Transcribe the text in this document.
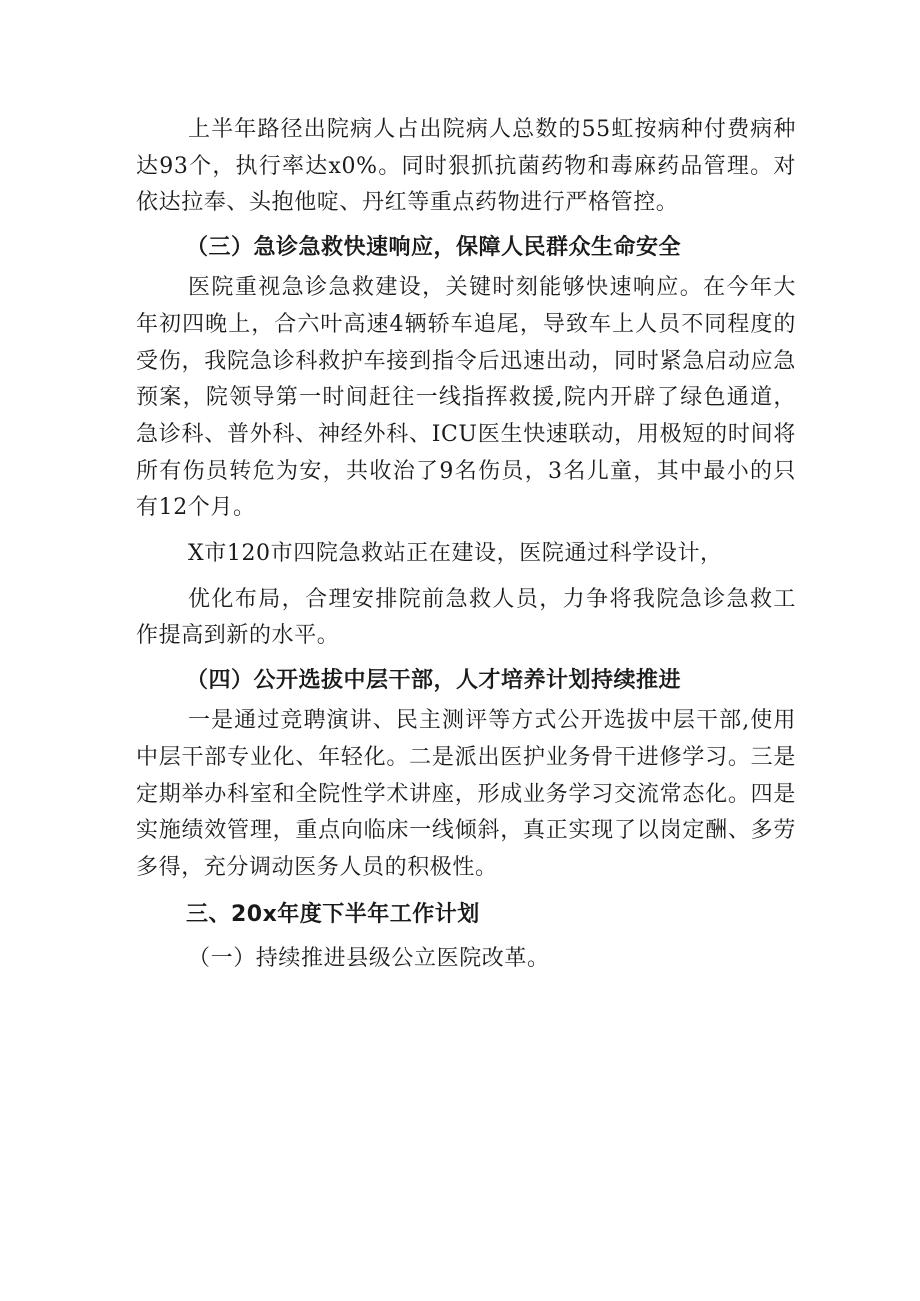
上半年路径出院病人占出院病人总数的55虹按病种付费病种达93个，执行率达x0%。同时狠抓抗菌药物和毒麻药品管理。对依达拉奉、头抱他啶、丹红等重点药物进行严格管控。

（三）急诊急救快速响应，保障人民群众生命安全

医院重视急诊急救建设，关键时刻能够快速响应。在今年大年初四晚上，合六叶高速4辆轿车追尾，导致车上人员不同程度的受伤，我院急诊科救护车接到指令后迅速出动，同时紧急启动应急预案，院领导第一时间赶往一线指挥救援,院内开辟了绿色通道，急诊科、普外科、神经外科、ICU医生快速联动，用极短的时间将所有伤员转危为安，共收治了9名伤员，3名儿童，其中最小的只有12个月。

X市120市四院急救站正在建设，医院通过科学设计，

优化布局，合理安排院前急救人员，力争将我院急诊急救工作提高到新的水平。

（四）公开选拔中层干部，人才培养计划持续推进

一是通过竞聘演讲、民主测评等方式公开选拔中层干部,使用中层干部专业化、年轻化。二是派出医护业务骨干进修学习。三是定期举办科室和全院性学术讲座，形成业务学习交流常态化。四是实施绩效管理，重点向临床一线倾斜，真正实现了以岗定酬、多劳多得，充分调动医务人员的积极性。

三、20x年度下半年工作计划

（一）持续推进县级公立医院改革。
